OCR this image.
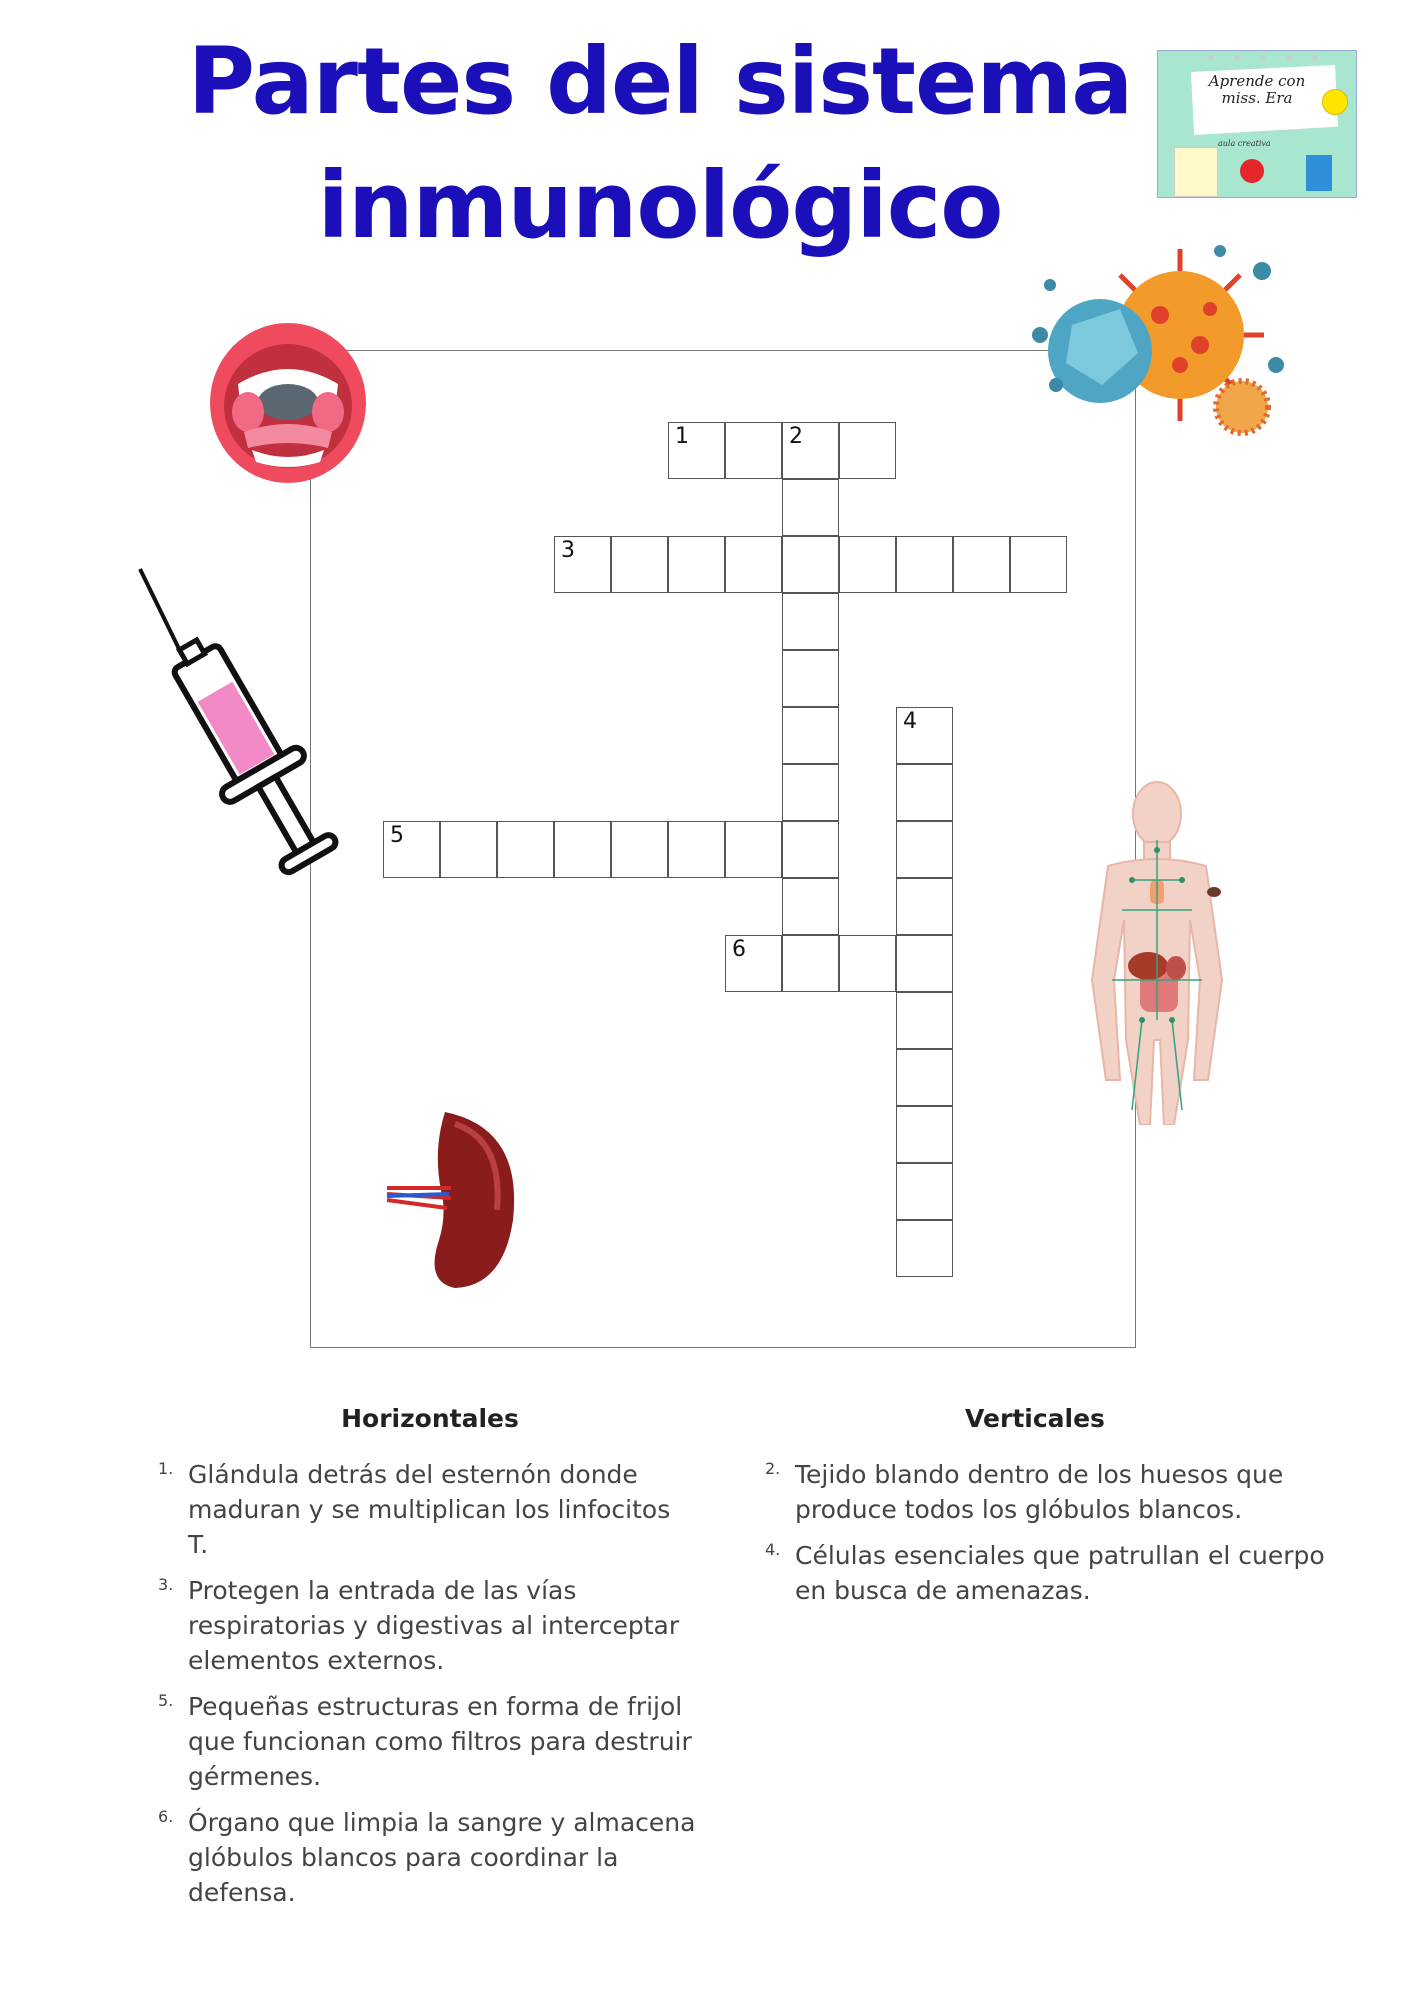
Partes del sistema
inmunológico
Aprende con
miss. Era
aula creativa
1	2
3
4
5
6
Horizontales	Verticales
1. Glándula detrás del esternón donde maduran y se multiplican los linfocitos T.
3. Protegen la entrada de las vías respiratorias y digestivas al interceptar elementos externos.
5. Pequeñas estructuras en forma de frijol que funcionan como filtros para destruir gérmenes.
6. Órgano que limpia la sangre y almacena glóbulos blancos para coordinar la defensa.
2. Tejido blando dentro de los huesos que produce todos los glóbulos blancos.
4. Células esenciales que patrullan el cuerpo en busca de amenazas.
